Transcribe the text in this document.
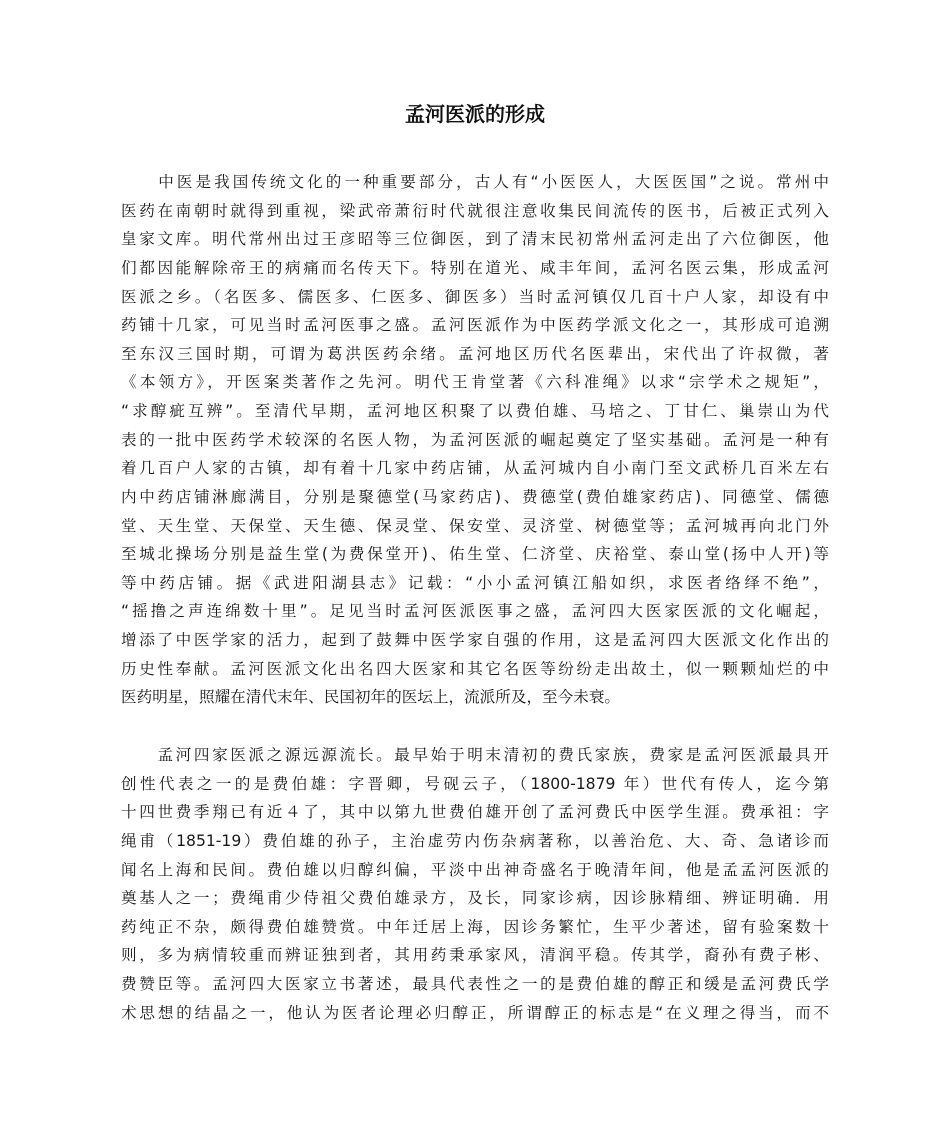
孟河医派的形成
　　中医是我国传统文化的一种重要部分，古人有“小医医人，大医医国”之说。常州中
医药在南朝时就得到重视，梁武帝萧衍时代就很注意收集民间流传的医书，后被正式列入
皇家文库。明代常州出过王彦昭等三位御医，到了清末民初常州孟河走出了六位御医，他
们都因能解除帝王的病痛而名传天下。特别在道光、咸丰年间，孟河名医云集，形成孟河
医派之乡。（名医多、儒医多、仁医多、御医多）当时孟河镇仅几百十户人家，却设有中
药铺十几家，可见当时孟河医事之盛。孟河医派作为中医药学派文化之一，其形成可追溯
至东汉三国时期，可谓为葛洪医药余绪。孟河地区历代名医辈出，宋代出了许叔微，著
《本领方》，开医案类著作之先河。明代王肯堂著《六科准绳》以求“宗学术之规矩”，
“求醇疵互辨”。至清代早期，孟河地区积聚了以费伯雄、马培之、丁甘仁、巢崇山为代
表的一批中医药学术较深的名医人物，为孟河医派的崛起奠定了坚实基础。孟河是一种有
着几百户人家的古镇，却有着十几家中药店铺，从孟河城内自小南门至文武桥几百米左右
内中药店铺淋廊满目，分别是聚德堂(马家药店)、费德堂(费伯雄家药店)、同德堂、儒德
堂、天生堂、天保堂、天生德、保灵堂、保安堂、灵济堂、树德堂等；孟河城再向北门外
至城北操场分别是益生堂(为费保堂开)、佑生堂、仁济堂、庆裕堂、泰山堂(扬中人开)等
等中药店铺。据《武进阳湖县志》记载：“小小孟河镇江船如织，求医者络绎不绝”，
“摇撸之声连绵数十里”。足见当时孟河医派医事之盛，孟河四大医家医派的文化崛起，
增添了中医学家的活力，起到了鼓舞中医学家自强的作用，这是孟河四大医派文化作出的
历史性奉献。孟河医派文化出名四大医家和其它名医等纷纷走出故土，似一颗颗灿烂的中
医药明星，照耀在清代末年、民国初年的医坛上，流派所及，至今未衰。
　　孟河四家医派之源远源流长。最早始于明末清初的费氏家族，费家是孟河医派最具开
创性代表之一的是费伯雄：字晋卿，号砚云子，（1800-1879 年）世代有传人，迄今第
十四世费季翔已有近４了，其中以第九世费伯雄开创了孟河费氏中医学生涯。费承祖：字
绳甫（1851-19）费伯雄的孙子，主治虚劳内伤杂病著称，以善治危、大、奇、急诸诊而
闻名上海和民间。费伯雄以归醇纠偏，平淡中出神奇盛名于晚清年间，他是孟孟河医派的
奠基人之一；费绳甫少侍祖父费伯雄录方，及长，同家诊病，因诊脉精细、辨证明确．用
药纯正不杂，颇得费伯雄赞赏。中年迁居上海，因诊务繁忙，生平少著述，留有验案数十
则，多为病情较重而辨证独到者，其用药秉承家风，清润平稳。传其学，裔孙有费子彬、
费赞臣等。孟河四大医家立书著述，最具代表性之一的是费伯雄的醇正和缓是孟河费氏学
术思想的结晶之一，他认为医者论理必归醇正，所谓醇正的标志是“在义理之得当，而不
